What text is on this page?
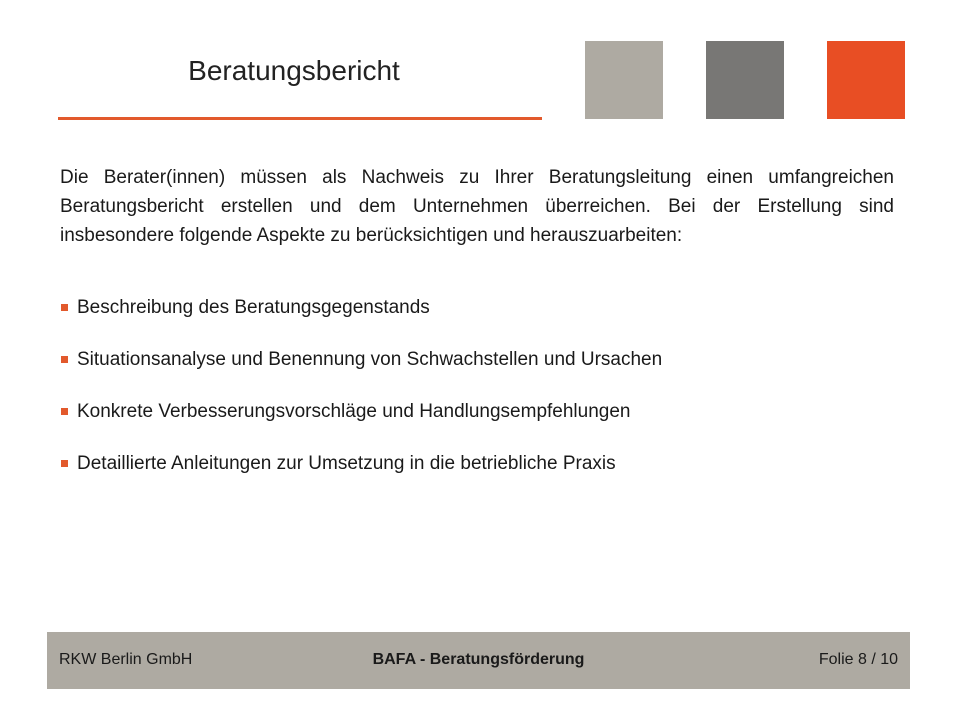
Beratungsbericht
Die Berater(innen) müssen als Nachweis zu Ihrer Beratungsleitung einen umfangreichen Beratungsbericht erstellen und dem Unternehmen überreichen. Bei der Erstellung sind insbesondere folgende Aspekte zu berücksichtigen und herauszuarbeiten:
Beschreibung des Beratungsgegenstands
Situationsanalyse und Benennung von Schwachstellen und Ursachen
Konkrete Verbesserungsvorschläge und Handlungsempfehlungen
Detaillierte Anleitungen zur Umsetzung in die betriebliche Praxis
BAFA - Beratungsförderung
RKW Berlin GmbH	Folie 8 / 10
